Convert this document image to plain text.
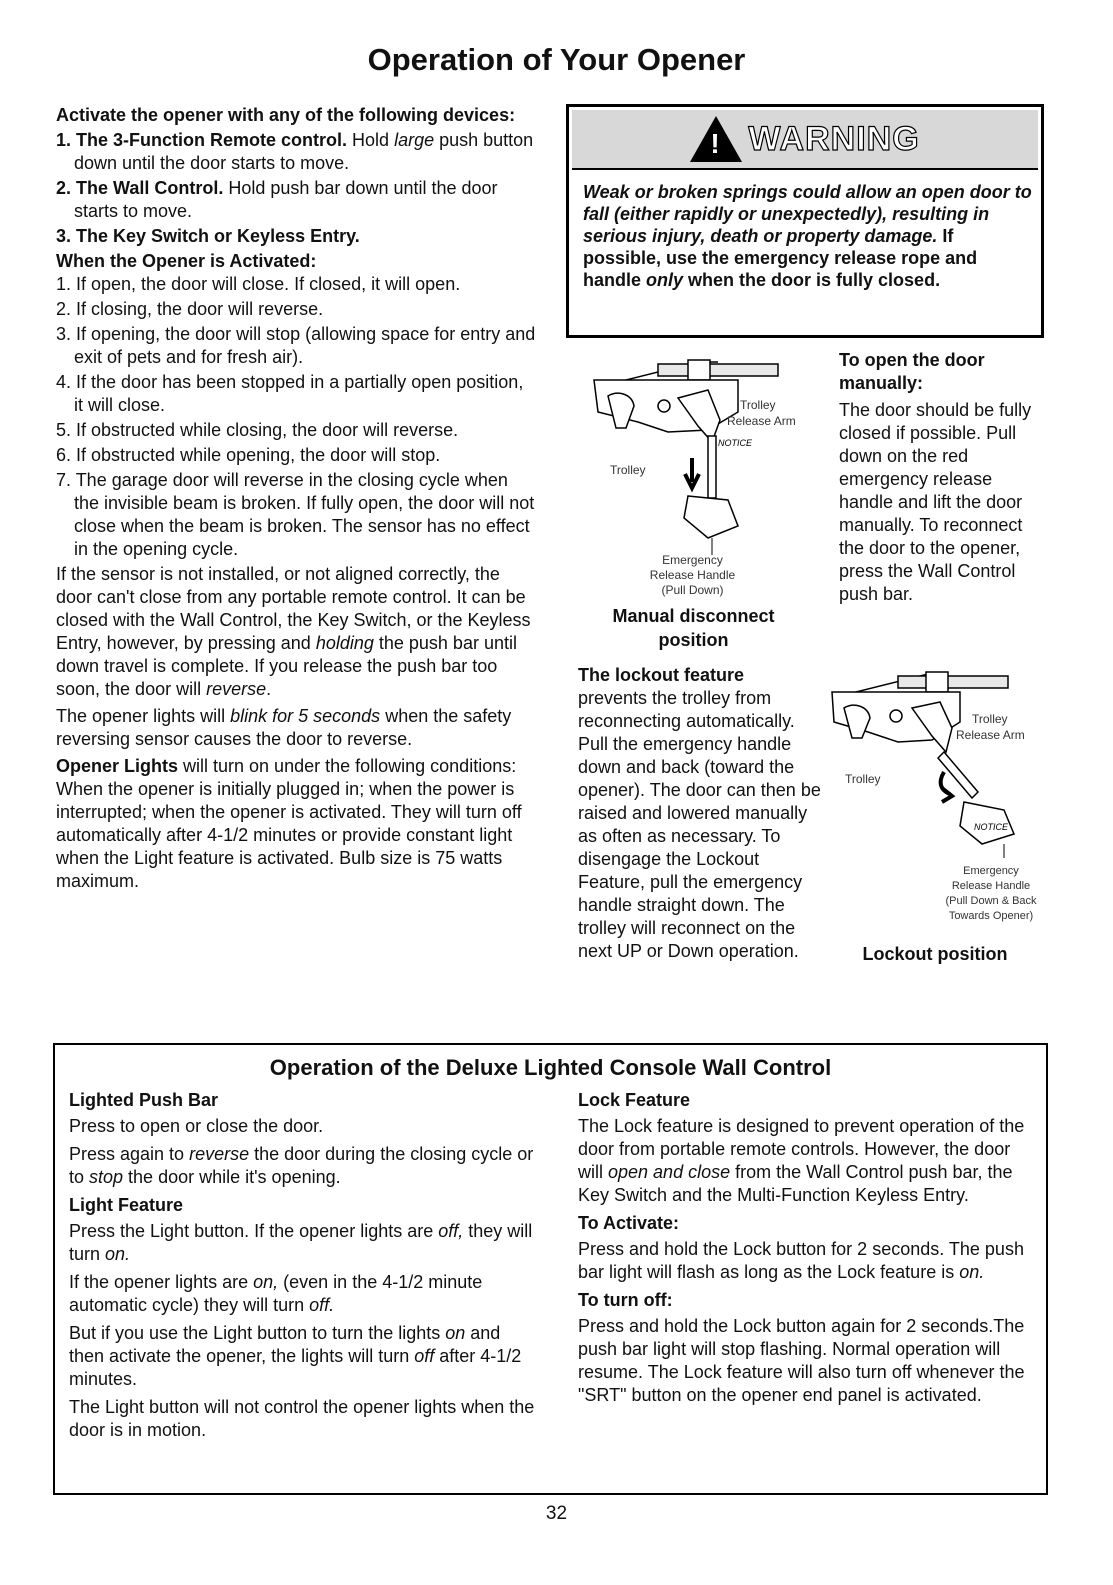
Operation of Your Opener

Activate the opener with any of the following devices:

1. The 3-Function Remote control. Hold large push button down until the door starts to move.

2. The Wall Control. Hold push bar down until the door starts to move.

3. The Key Switch or Keyless Entry.

When the Opener is Activated:

1. If open, the door will close. If closed, it will open.

2. If closing, the door will reverse.

3. If opening, the door will stop (allowing space for entry and exit of pets and for fresh air).

4. If the door has been stopped in a partially open position, it will close.

5. If obstructed while closing, the door will reverse.

6. If obstructed while opening, the door will stop.

7. The garage door will reverse in the closing cycle when the invisible beam is broken. If fully open, the door will not close when the beam is broken. The sensor has no effect in the opening cycle.

If the sensor is not installed, or not aligned correctly, the door can't close from any portable remote control. It can be closed with the Wall Control, the Key Switch, or the Keyless Entry, however, by pressing and holding the push bar until down travel is complete. If you release the push bar too soon, the door will reverse.

The opener lights will blink for 5 seconds when the safety reversing sensor causes the door to reverse.

Opener Lights will turn on under the following conditions: When the opener is initially plugged in; when the power is interrupted; when the opener is activated. They will turn off automatically after 4-1/2 minutes or provide constant light when the Light feature is activated. Bulb size is 75 watts maximum.

! WARNING

Weak or broken springs could allow an open door to fall (either rapidly or unexpectedly), resulting in serious injury, death or property damage. If possible, use the emergency release rope and handle only when the door is fully closed.

NOTICE
Trolley
Release Arm
Trolley
Emergency
Release Handle
(Pull Down)
Manual disconnect position

To open the door manually:

The door should be fully closed if possible. Pull down on the red emergency release handle and lift the door manually. To reconnect the door to the opener, press the Wall Control push bar.

The lockout feature

prevents the trolley from reconnecting automatically. Pull the emergency handle down and back (toward the opener). The door can then be raised and lowered manually as often as necessary. To disengage the Lockout Feature, pull the emergency handle straight down. The trolley will reconnect on the next UP or Down operation.

NOTICE
Trolley
Release Arm
Trolley
Emergency
Release Handle
(Pull Down & Back
Towards Opener)
Lockout position
Operation of the Deluxe Lighted Console Wall Control

Lighted Push Bar

Press to open or close the door.

Press again to reverse the door during the closing cycle or to stop the door while it's opening.

Light Feature

Press the Light button. If the opener lights are off, they will turn on.

If the opener lights are on, (even in the 4-1/2 minute automatic cycle) they will turn off.

But if you use the Light button to turn the lights on and then activate the opener, the lights will turn off after 4-1/2 minutes.

The Light button will not control the opener lights when the door is in motion.

Lock Feature

The Lock feature is designed to prevent operation of the door from portable remote controls. However, the door will open and close from the Wall Control push bar, the Key Switch and the Multi-Function Keyless Entry.

To Activate:

Press and hold the Lock button for 2 seconds. The push bar light will flash as long as the Lock feature is on.

To turn off:

Press and hold the Lock button again for 2 seconds.The push bar light will stop flashing. Normal operation will resume. The Lock feature will also turn off whenever the "SRT" button on the opener end panel is activated.

32
